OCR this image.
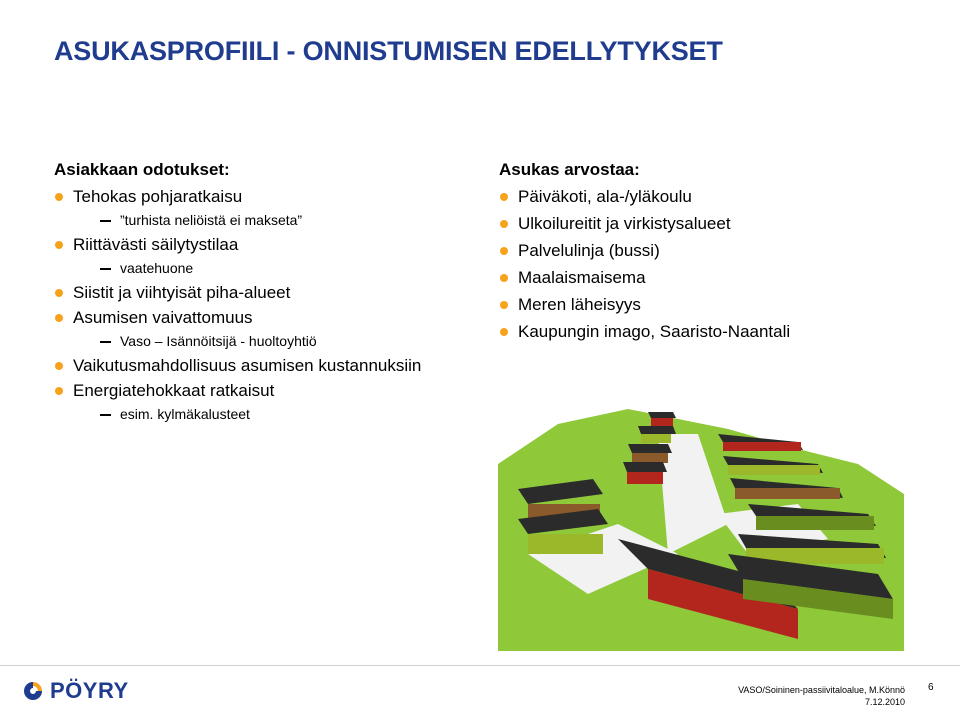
ASUKASPROFIILI - ONNISTUMISEN EDELLYTYKSET
Asiakkaan odotukset:
Tehokas pohjaratkaisu
”turhista neliöistä ei makseta”
Riittävästi säilytystilaa
vaatehuone
Siistit ja viihtyisät piha-alueet
Asumisen vaivattomuus
Vaso – Isännöitsijä - huoltoyhtiö
Vaikutusmahdollisuus asumisen kustannuksiin
Energiatehokkaat ratkaisut
esim. kylmäkalusteet
Asukas arvostaa:
Päiväkoti, ala-/yläkoulu
Ulkoilureitit ja virkistysalueet
Palvelulinja (bussi)
Maalaismaisema
Meren läheisyys
Kaupungin imago, Saaristo-Naantali
PÖYRY	VASO/Soininen-passiivitaloalue, M.Könnö
7.12.2010
6
